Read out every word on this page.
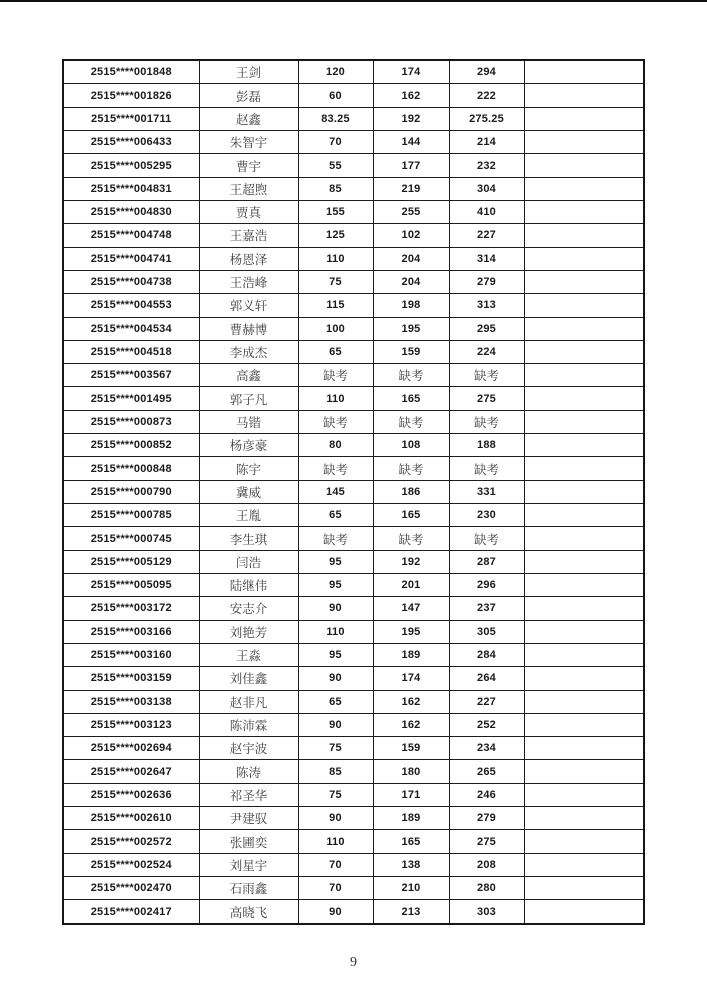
2515****001848	王剑	120	174	294	
2515****001826	彭磊	60	162	222	
2515****001711	赵鑫	83.25	192	275.25	
2515****006433	朱智宇	70	144	214	
2515****005295	曹宇	55	177	232	
2515****004831	王超煦	85	219	304	
2515****004830	贾真	155	255	410	
2515****004748	王嘉浩	125	102	227	
2515****004741	杨恩泽	110	204	314	
2515****004738	王浩峰	75	204	279	
2515****004553	郭义轩	115	198	313	
2515****004534	曹赫博	100	195	295	
2515****004518	李成杰	65	159	224	
2515****003567	高鑫	缺考	缺考	缺考	
2515****001495	郭子凡	110	165	275	
2515****000873	马锴	缺考	缺考	缺考	
2515****000852	杨彦豪	80	108	188	
2515****000848	陈宇	缺考	缺考	缺考	
2515****000790	冀威	145	186	331	
2515****000785	王胤	65	165	230	
2515****000745	李生琪	缺考	缺考	缺考	
2515****005129	闫浩	95	192	287	
2515****005095	陆继伟	95	201	296	
2515****003172	安志介	90	147	237	
2515****003166	刘艳芳	110	195	305	
2515****003160	王淼	95	189	284	
2515****003159	刘佳鑫	90	174	264	
2515****003138	赵非凡	65	162	227	
2515****003123	陈沛霖	90	162	252	
2515****002694	赵宇波	75	159	234	
2515****002647	陈涛	85	180	265	
2515****002636	祁圣华	75	171	246	
2515****002610	尹建驭	90	189	279	
2515****002572	张圃奕	110	165	275	
2515****002524	刘星宇	70	138	208	
2515****002470	石雨鑫	70	210	280	
2515****002417	高晓飞	90	213	303	
9
